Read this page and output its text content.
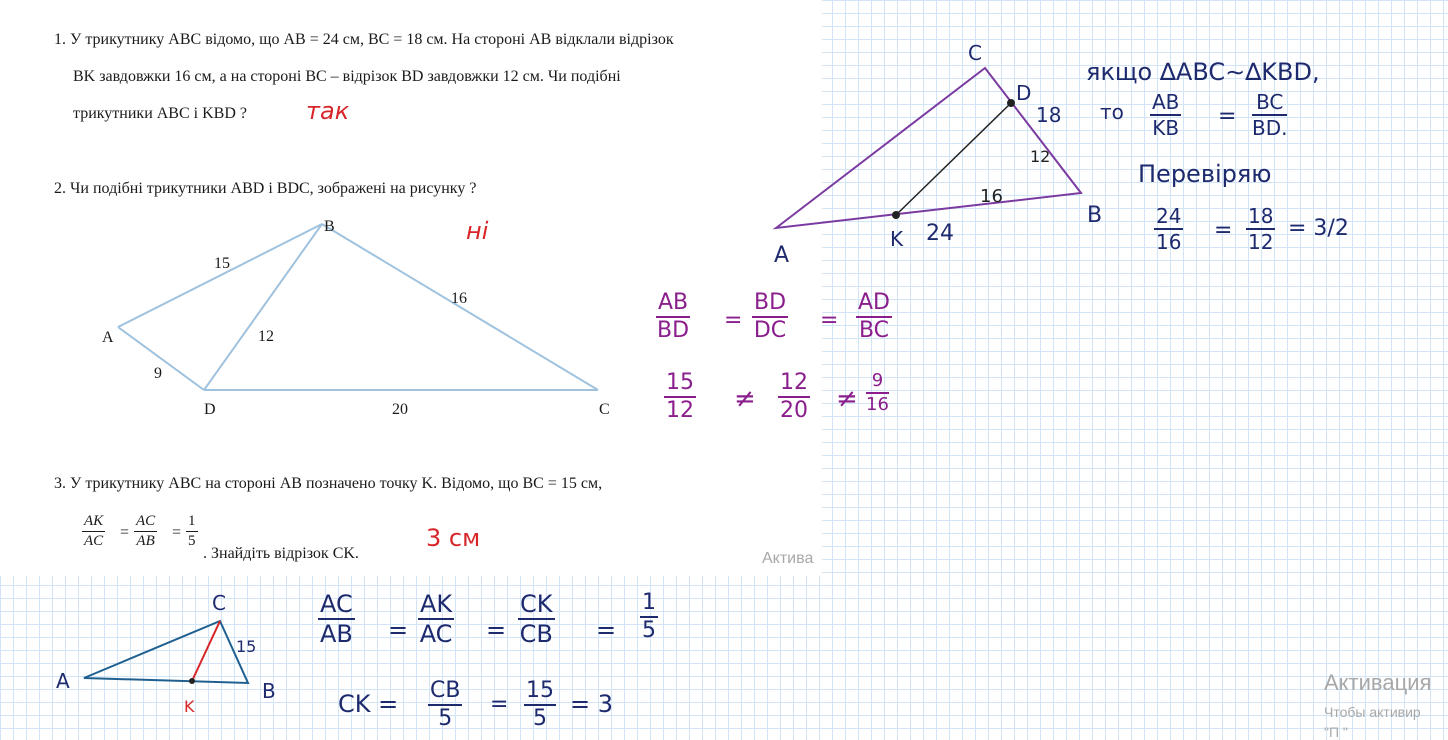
1. У трикутнику ABC відомо, що AB = 24 см, BC = 18 см. На стороні AB відклали відрізок

BK завдовжки 16 см, а на стороні BC – відрізок BD завдовжки 12 см. Чи подібні

трикутники ABC і KBD ? так

2. Чи подібні трикутники ABD і BDC, зображені на рисунку ?

ні
A
B
C
D
15
16
12
9
20

3. У трикутнику ABC на стороні AB позначено точку K. Відомо, що BC = 15 см,

$\frac{AK}{AC} = \frac{AC}{AB} = \frac{1}{5}$
. Знайдіть відрізок CK.
3 см
Актива
C
D
B
A
K
18
12
16
24
якщо ∆ABC∼∆KBD,
то $\frac{AB}{KB} = \frac{BC}{BD.}$
Перевіряю
$\frac{24}{16} = \frac{18}{12} = 3/2$
$\frac{AB}{BD} = \frac{BD}{DC} = \frac{AD}{BC}$
$\frac{15}{12} \ne \frac{12}{20} \ne \frac{9}{16}$
C
A
K
B
15
$\frac{AC}{AB} = \frac{AK}{AC} = \frac{CK}{CB} = \frac{1}{5}$
CK = $\frac{CB}{5} = \frac{15}{5} = 3$
Активация
Чтобы активир
"П "
